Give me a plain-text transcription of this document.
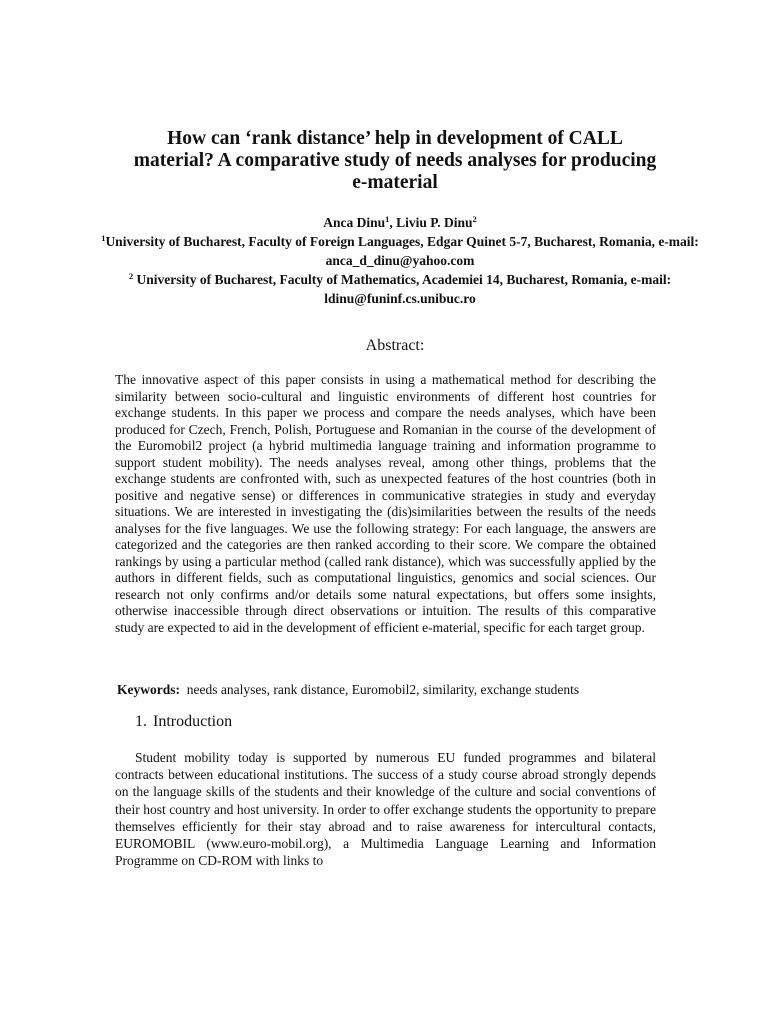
How can ‘rank distance’ help in development of CALL material? A comparative study of needs analyses for producing e-material
Anca Dinu$^1$, Liviu P. Dinu$^2$
$^1$University of Bucharest, Faculty of Foreign Languages, Edgar Quinet 5-7, Bucharest, Romania, e-mail: anca_d_dinu@yahoo.com
$^2$ University of Bucharest, Faculty of Mathematics, Academiei 14, Bucharest, Romania, e-mail: ldinu@funinf.cs.unibuc.ro
Abstract:

The innovative aspect of this paper consists in using a mathematical method for describing the similarity between socio-cultural and linguistic environments of different host countries for exchange students. In this paper we process and compare the needs analyses, which have been produced for Czech, French, Polish, Portuguese and Romanian in the course of the development of the Euromobil2 project (a hybrid multimedia language training and information programme to support student mobility). The needs analyses reveal, among other things, problems that the exchange students are confronted with, such as unexpected features of the host countries (both in positive and negative sense) or differences in communicative strategies in study and everyday situations. We are interested in investigating the (dis)similarities between the results of the needs analyses for the five languages. We use the following strategy: For each language, the answers are categorized and the categories are then ranked according to their score. We compare the obtained rankings by using a particular method (called rank distance), which was successfully applied by the authors in different fields, such as computational linguistics, genomics and social sciences. Our research not only confirms and/or details some natural expectations, but offers some insights, otherwise inaccessible through direct observations or intuition. The results of this comparative study are expected to aid in the development of efficient e-material, specific for each target group.

Keywords: needs analyses, rank distance, Euromobil2, similarity, exchange students
1. Introduction

Student mobility today is supported by numerous EU funded programmes and bilateral contracts between educational institutions. The success of a study course abroad strongly depends on the language skills of the students and their knowledge of the culture and social conventions of their host country and host university. In order to offer exchange students the opportunity to prepare themselves efficiently for their stay abroad and to raise awareness for intercultural contacts, EUROMOBIL (www.euro-mobil.org), a Multimedia Language Learning and Information Programme on CD-ROM with links to
